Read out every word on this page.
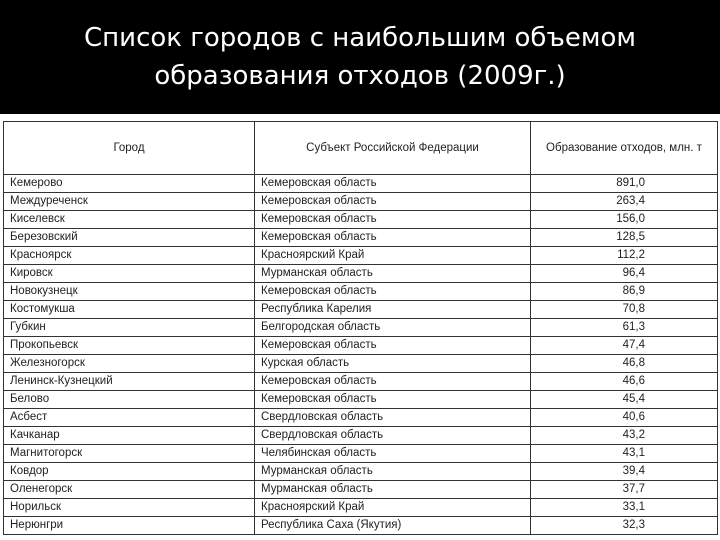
Список городов с наибольшим объемом
образования отходов (2009г.)
Город	Субъект Российской Федерации	Образование отходов, млн. т
Кемерово	Кемеровская область	891,0
Междуреченск	Кемеровская область	263,4
Киселевск	Кемеровская область	156,0
Березовский	Кемеровская область	128,5
Красноярск	Красноярский Край	112,2
Кировск	Мурманская область	96,4
Новокузнецк	Кемеровская область	86,9
Костомукша	Республика Карелия	70,8
Губкин	Белгородская область	61,3
Прокопьевск	Кемеровская область	47,4
Железногорск	Курская область	46,8
Ленинск-Кузнецкий	Кемеровская область	46,6
Белово	Кемеровская область	45,4
Асбест	Свердловская область	40,6
Качканар	Свердловская область	43,2
Магнитогорск	Челябинская область	43,1
Ковдор	Мурманская область	39,4
Оленегорск	Мурманская область	37,7
Норильск	Красноярский Край	33,1
Нерюнгри	Республика Саха (Якутия)	32,3
